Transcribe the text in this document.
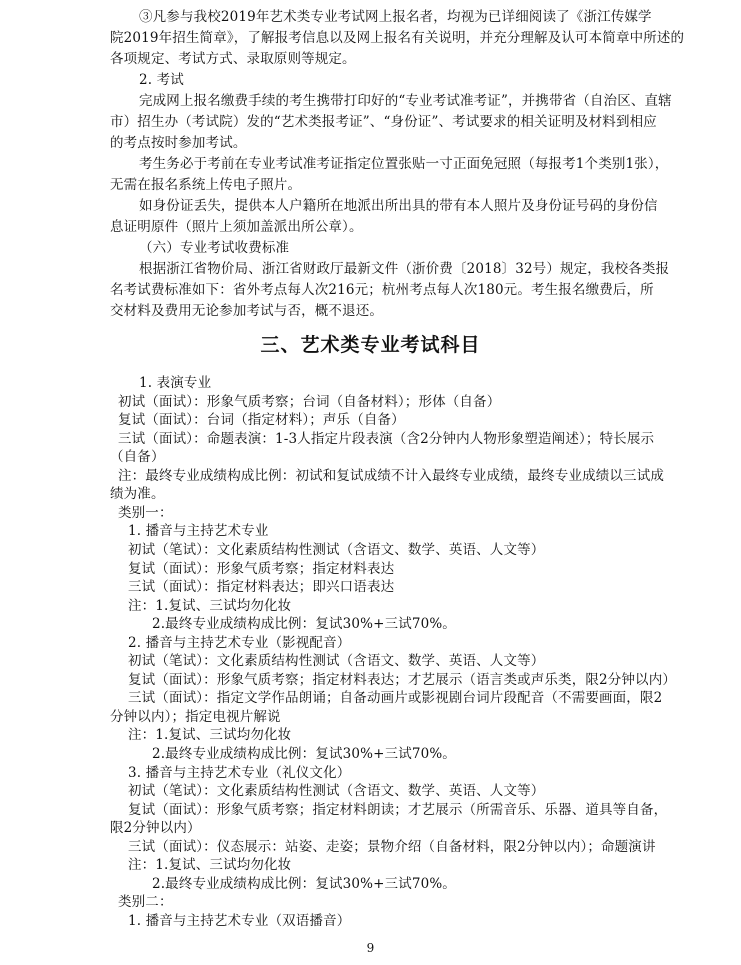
③凡参与我校2019年艺术类专业考试网上报名者，均视为已详细阅读了《浙江传媒学
院2019年招生简章》，了解报考信息以及网上报名有关说明，并充分理解及认可本简章中所述的
各项规定、考试方式、录取原则等规定。
2. 考试
完成网上报名缴费手续的考生携带打印好的“专业考试准考证”，并携带省（自治区、直辖
市）招生办（考试院）发的“艺术类报考证”、“身份证”、考试要求的相关证明及材料到相应
的考点按时参加考试。
考生务必于考前在专业考试准考证指定位置张贴一寸正面免冠照（每报考1个类别1张），
无需在报名系统上传电子照片。
如身份证丢失，提供本人户籍所在地派出所出具的带有本人照片及身份证号码的身份信
息证明原件（照片上须加盖派出所公章）。
（六）专业考试收费标准
根据浙江省物价局、浙江省财政厅最新文件（浙价费〔2018〕32号）规定，我校各类报
名考试费标准如下：省外考点每人次216元；杭州考点每人次180元。考生报名缴费后，所
交材料及费用无论参加考试与否，概不退还。
三、艺术类专业考试科目
1. 表演专业
初试（面试）：形象气质考察；台词（自备材料）；形体（自备）
复试（面试）：台词（指定材料）；声乐（自备）
三试（面试）：命题表演：1-3人指定片段表演（含2分钟内人物形象塑造阐述）；特长展示
（自备）
注：最终专业成绩构成比例：初试和复试成绩不计入最终专业成绩，最终专业成绩以三试成
绩为准。
类别一：
1. 播音与主持艺术专业
初试（笔试）：文化素质结构性测试（含语文、数学、英语、人文等）
复试（面试）：形象气质考察；指定材料表达
三试（面试）：指定材料表达；即兴口语表达
注：1.复试、三试均勿化妆
2.最终专业成绩构成比例：复试30%+三试70%。
2. 播音与主持艺术专业（影视配音）
初试（笔试）：文化素质结构性测试（含语文、数学、英语、人文等）
复试（面试）：形象气质考察；指定材料表达；才艺展示（语言类或声乐类，限2分钟以内）
三试（面试）：指定文学作品朗诵；自备动画片或影视剧台词片段配音（不需要画面，限2
分钟以内）；指定电视片解说
注：1.复试、三试均勿化妆
2.最终专业成绩构成比例：复试30%+三试70%。
3. 播音与主持艺术专业（礼仪文化）
初试（笔试）：文化素质结构性测试（含语文、数学、英语、人文等）
复试（面试）：形象气质考察；指定材料朗读；才艺展示（所需音乐、乐器、道具等自备，
限2分钟以内）
三试（面试）：仪态展示：站姿、走姿；景物介绍（自备材料，限2分钟以内）；命题演讲
注：1.复试、三试均勿化妆
2.最终专业成绩构成比例：复试30%+三试70%。
类别二：
1. 播音与主持艺术专业（双语播音）
9
